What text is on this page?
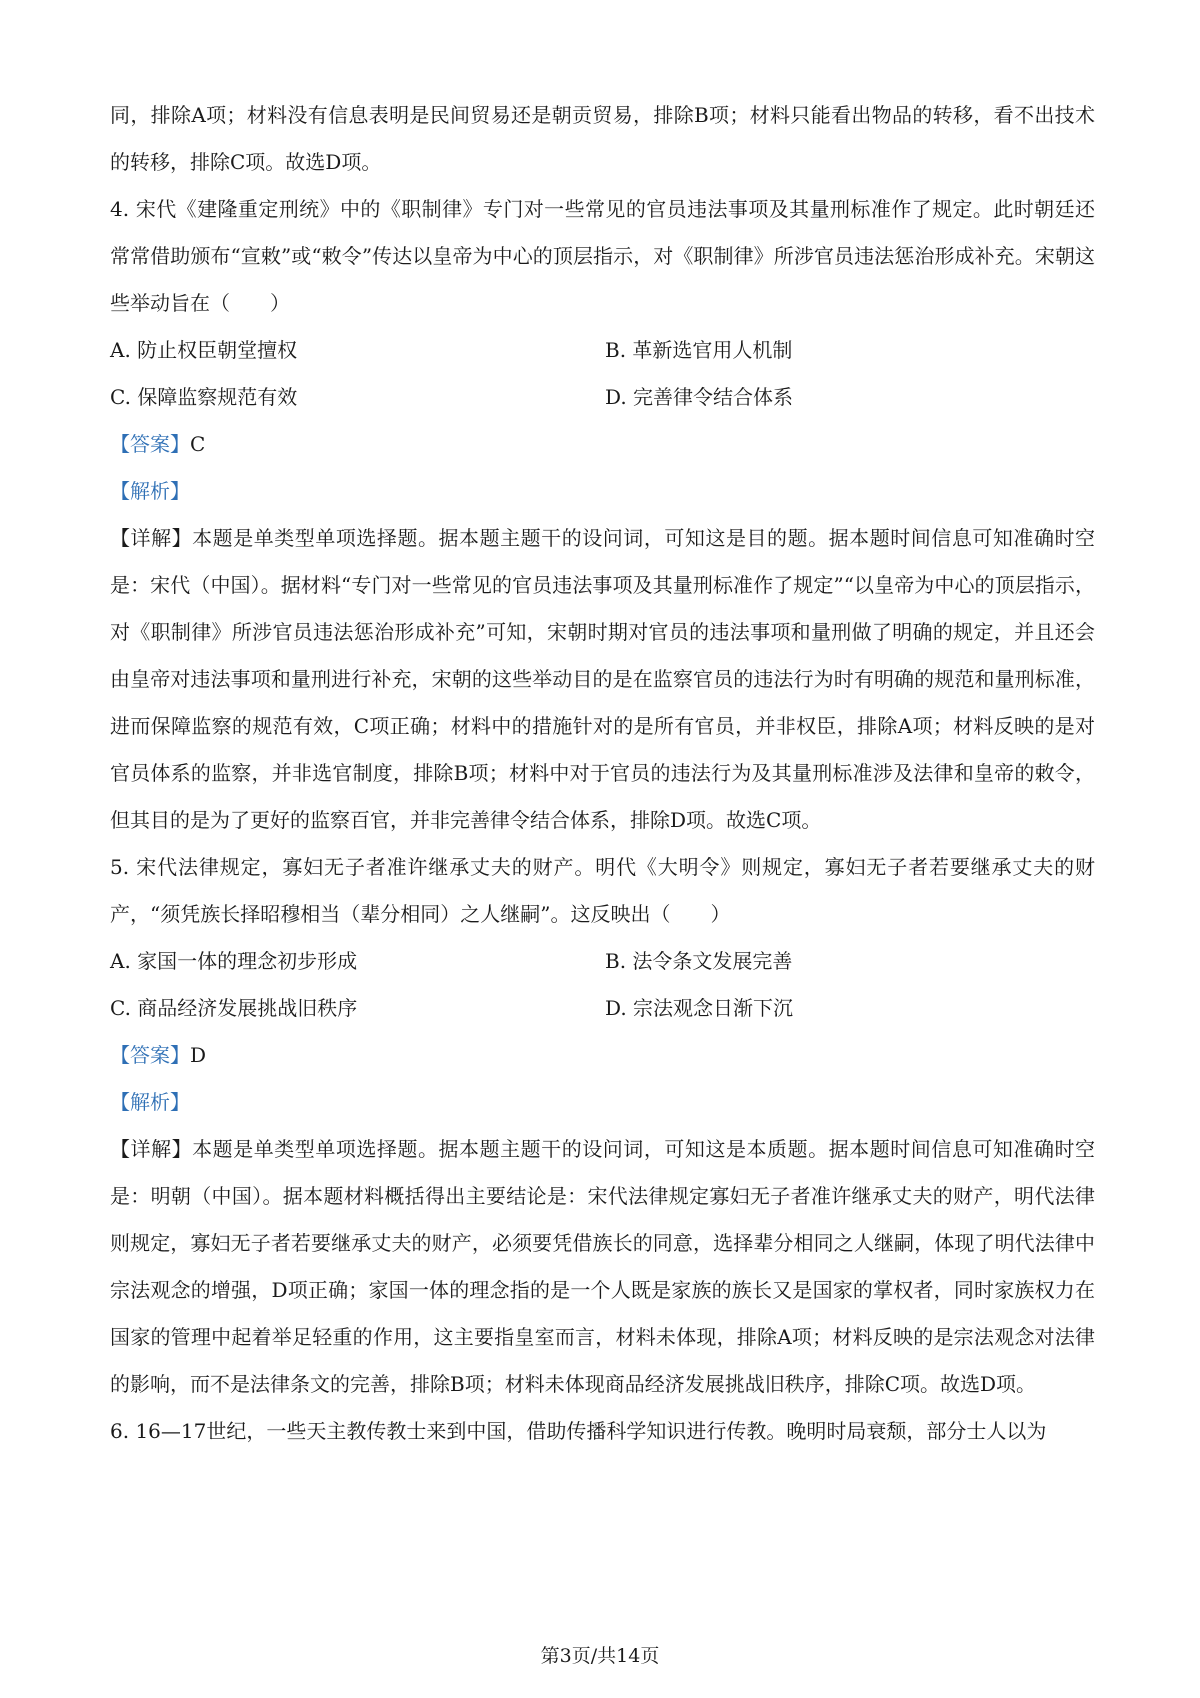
同，排除A项；材料没有信息表明是民间贸易还是朝贡贸易，排除B项；材料只能看出物品的转移，看不出技术的转移，排除C项。故选D项。

4. 宋代《建隆重定刑统》中的《职制律》专门对一些常见的官员违法事项及其量刑标准作了规定。此时朝廷还常常借助颁布“宣敕”或“敕令”传达以皇帝为中心的顶层指示，对《职制律》所涉官员违法惩治形成补充。宋朝这些举动旨在（　　）

A. 防止权臣朝堂擅权	B. 革新选官用人机制
C. 保障监察规范有效	D. 完善律令结合体系

【答案】C

【解析】

【详解】本题是单类型单项选择题。据本题主题干的设问词，可知这是目的题。据本题时间信息可知准确时空是：宋代（中国）。据材料“专门对一些常见的官员违法事项及其量刑标准作了规定”“以皇帝为中心的顶层指示，对《职制律》所涉官员违法惩治形成补充”可知，宋朝时期对官员的违法事项和量刑做了明确的规定，并且还会由皇帝对违法事项和量刑进行补充，宋朝的这些举动目的是在监察官员的违法行为时有明确的规范和量刑标准，进而保障监察的规范有效，C项正确；材料中的措施针对的是所有官员，并非权臣，排除A项；材料反映的是对官员体系的监察，并非选官制度，排除B项；材料中对于官员的违法行为及其量刑标准涉及法律和皇帝的敕令，但其目的是为了更好的监察百官，并非完善律令结合体系，排除D项。故选C项。

5. 宋代法律规定，寡妇无子者准许继承丈夫的财产。明代《大明令》则规定，寡妇无子者若要继承丈夫的财产，“须凭族长择昭穆相当（辈分相同）之人继嗣”。这反映出（　　）

A. 家国一体的理念初步形成	B. 法令条文发展完善
C. 商品经济发展挑战旧秩序	D. 宗法观念日渐下沉

【答案】D

【解析】

【详解】本题是单类型单项选择题。据本题主题干的设问词，可知这是本质题。据本题时间信息可知准确时空是：明朝（中国）。据本题材料概括得出主要结论是：宋代法律规定寡妇无子者准许继承丈夫的财产，明代法律则规定，寡妇无子者若要继承丈夫的财产，必须要凭借族长的同意，选择辈分相同之人继嗣，体现了明代法律中宗法观念的增强，D项正确；家国一体的理念指的是一个人既是家族的族长又是国家的掌权者，同时家族权力在国家的管理中起着举足轻重的作用，这主要指皇室而言，材料未体现，排除A项；材料反映的是宗法观念对法律的影响，而不是法律条文的完善，排除B项；材料未体现商品经济发展挑战旧秩序，排除C项。故选D项。

6. 16—17世纪，一些天主教传教士来到中国，借助传播科学知识进行传教。晚明时局衰颓，部分士人以为

第3页/共14页
